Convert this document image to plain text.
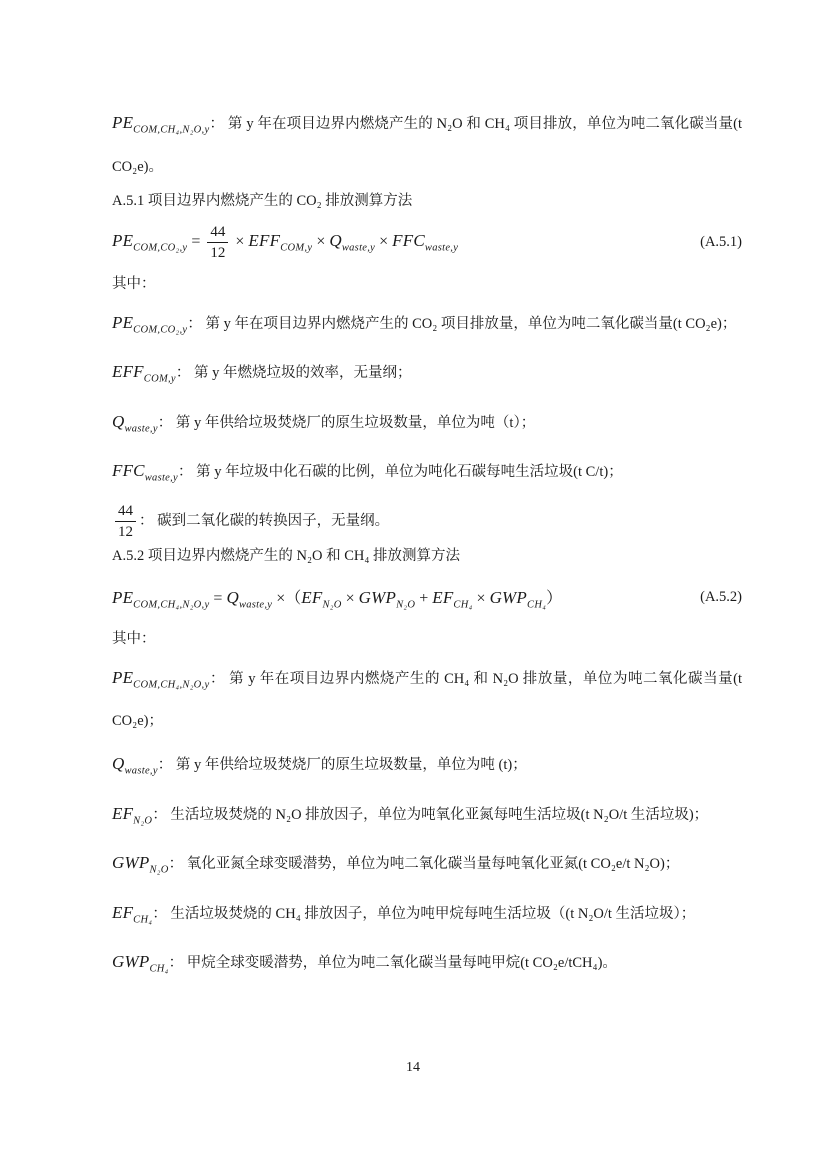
$PE_{COM,CH_4,N_2O,y}$： 第 y 年在项目边界内燃烧产生的 N₂O 和 CH₄ 项目排放，单位为吨二氧化碳当量(t CO₂e)。
A.5.1 项目边界内燃烧产生的 CO₂ 排放测算方法
$PE_{COM,CO_2,y} = \frac{44}{12} \times EFF_{COM,y} \times Q_{waste,y} \times FFC_{waste,y}$	(A.5.1)
其中：
$PE_{COM,CO_2,y}$： 第 y 年在项目边界内燃烧产生的 CO₂ 项目排放量，单位为吨二氧化碳当量(t CO₂e)；
$EFF_{COM,y}$： 第 y 年燃烧垃圾的效率，无量纲；
$Q_{waste,y}$： 第 y 年供给垃圾焚烧厂的原生垃圾数量，单位为吨（t）；
$FFC_{waste,y}$： 第 y 年垃圾中化石碳的比例，单位为吨化石碳每吨生活垃圾(t C/t)；
$\frac{44}{12}$ ： 碳到二氧化碳的转换因子，无量纲。
A.5.2 项目边界内燃烧产生的 N₂O 和 CH₄ 排放测算方法
$PE_{COM,CH_4,N_2O,y} = Q_{waste,y} \times(EF_{N_2O} \times GWP_{N_2O} + EF_{CH_4} \times GWP_{CH_4})$	(A.5.2)
其中：
$PE_{COM,CH_4,N_2O,y}$： 第 y 年在项目边界内燃烧产生的 CH₄ 和 N₂O 排放量，单位为吨二氧化碳当量(t CO₂e)；
$Q_{waste,y}$： 第 y 年供给垃圾焚烧厂的原生垃圾数量，单位为吨 (t)；
$EF_{N_2O}$： 生活垃圾焚烧的 N₂O 排放因子，单位为吨氧化亚氮每吨生活垃圾(t N₂O/t 生活垃圾)；
$GWP_{N_2O}$： 氧化亚氮全球变暖潜势，单位为吨二氧化碳当量每吨氧化亚氮(t CO₂e/t N₂O)；
$EF_{CH_4}$： 生活垃圾焚烧的 CH₄ 排放因子，单位为吨甲烷每吨生活垃圾（(t N₂O/t 生活垃圾）；
$GWP_{CH_4}$： 甲烷全球变暖潜势，单位为吨二氧化碳当量每吨甲烷(t CO₂e/tCH₄)。
14
